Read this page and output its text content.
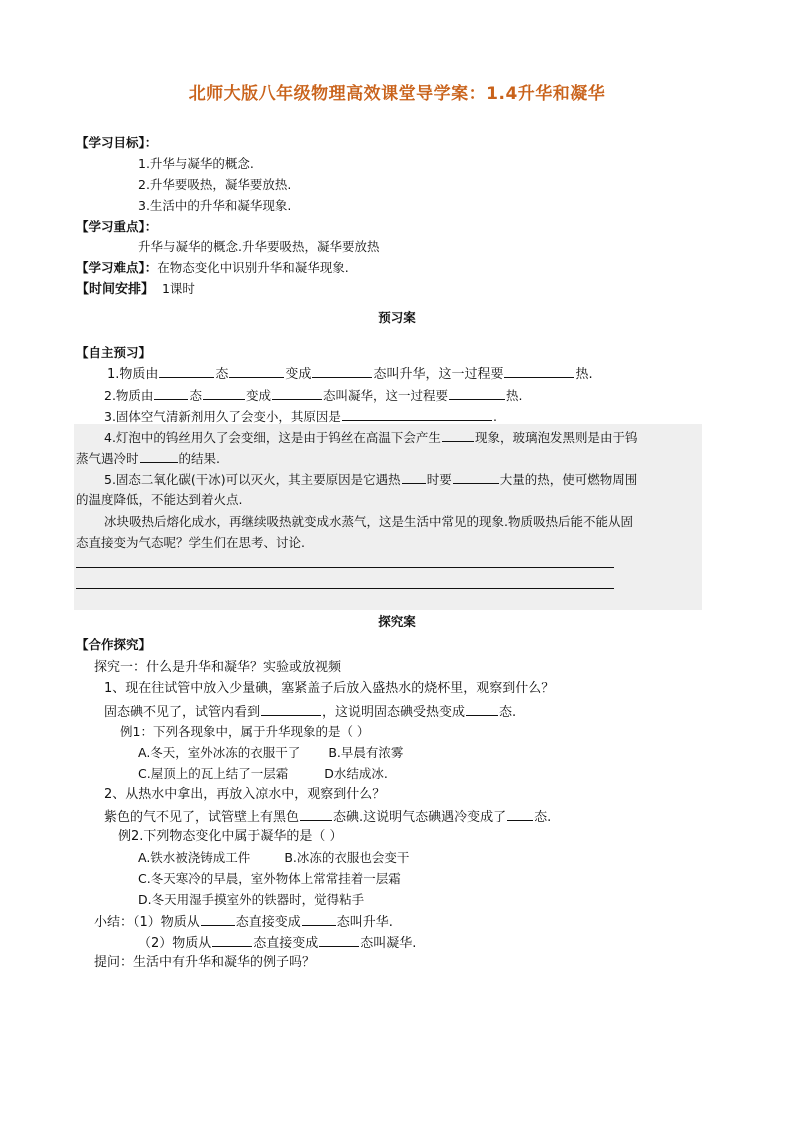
北师大版八年级物理高效课堂导学案：1.4升华和凝华
【学习目标】：
1.升华与凝华的概念.
2.升华要吸热，凝华要放热.
3.生活中的升华和凝华现象.
【学习重点】：
升华与凝华的概念.升华要吸热，凝华要放热
【学习难点】：在物态变化中识别升华和凝华现象.
【时间安排】 1课时
预习案
【自主预习】
1.物质由	态	变成	态叫升华，这一过程要	热.
2.物质由	态	变成	态叫凝华，这一过程要	热.
3.固体空气清新剂用久了会变小，其原因是	.
4.灯泡中的钨丝用久了会变细，这是由于钨丝在高温下会产生	现象，玻璃泡发黑则是由于钨
蒸气遇冷时	的结果.
5.固态二氧化碳(干冰)可以灭火，其主要原因是它遇热 时要	大量的热，使可燃物周围
的温度降低，不能达到着火点.
冰块吸热后熔化成水，再继续吸热就变成水蒸气，这是生活中常见的现象.物质吸热后能不能从固
态直接变为气态呢？学生们在思考、讨论.
探究案
【合作探究】
探究一：什么是升华和凝华？实验或放视频
1、现在往试管中放入少量碘，塞紧盖子后放入盛热水的烧杯里，观察到什么？
固态碘不见了，试管内看到	，这说明固态碘受热变成	态.
例1：下列各现象中，属于升华现象的是（ ）
A.冬天，室外冰冻的衣服干了 B.早晨有浓雾
C.屋顶上的瓦上结了一层霜	D水结成冰.
2、从热水中拿出，再放入凉水中，观察到什么？
紫色的气不见了，试管壁上有黑色	态碘.这说明气态碘遇冷变成了 态.
例2.下列物态变化中属于凝华的是（ ）
A.铁水被浇铸成工件	B.冰冻的衣服也会变干
C.冬天寒冷的早晨，室外物体上常常挂着一层霜
D.冬天用湿手摸室外的铁器时，觉得粘手
小结：（1）物质从	态直接变成	态叫升华.
（2）物质从	态直接变成	态叫凝华.
提问：生活中有升华和凝华的例子吗？
